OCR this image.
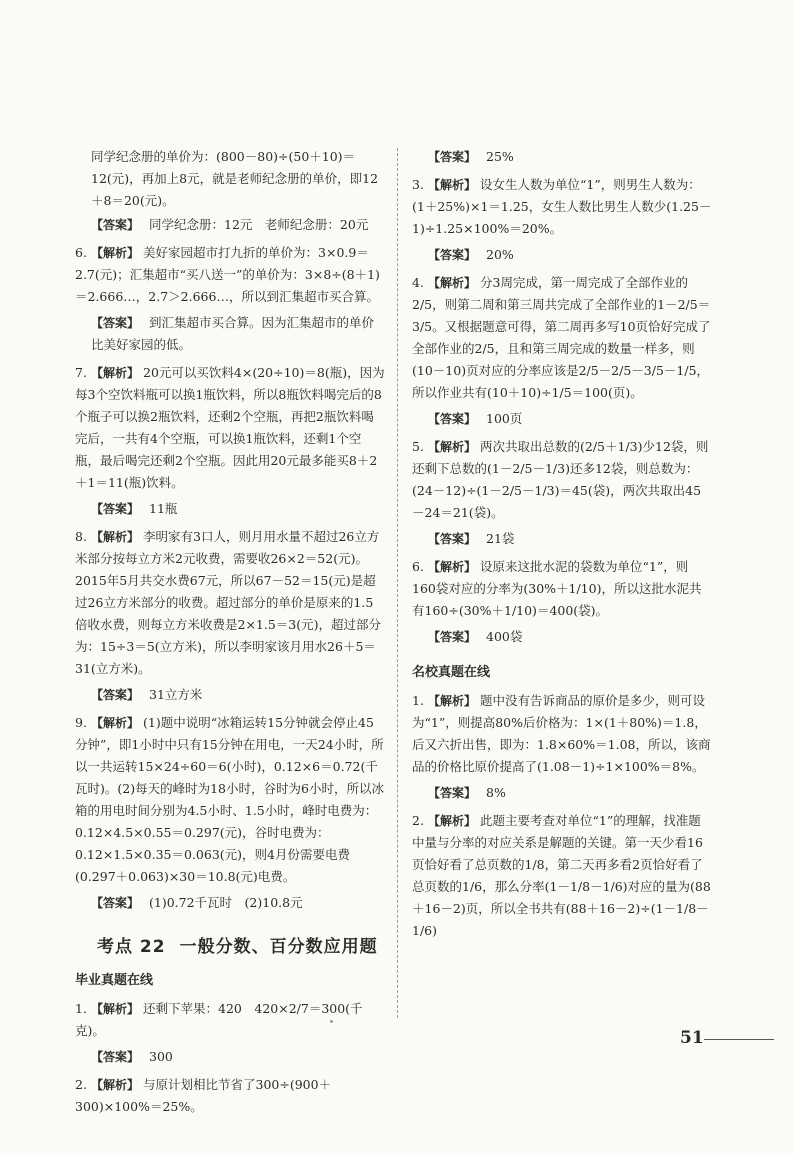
同学纪念册的单价为：(800－80)÷(50＋10)＝12(元)，再加上8元，就是老师纪念册的单价，即12＋8＝20(元)。
【答案】 同学纪念册：12元　老师纪念册：20元
6. 【解析】 美好家园超市打九折的单价为：3×0.9＝2.7(元)；汇集超市“买八送一”的单价为：3×8÷(8＋1)＝2.666…，2.7＞2.666…，所以到汇集超市买合算。
【答案】 到汇集超市买合算。因为汇集超市的单价比美好家园的低。
7. 【解析】 20元可以买饮料4×(20÷10)＝8(瓶)，因为每3个空饮料瓶可以换1瓶饮料，所以8瓶饮料喝完后的8个瓶子可以换2瓶饮料，还剩2个空瓶，再把2瓶饮料喝完后，一共有4个空瓶，可以换1瓶饮料，还剩1个空瓶，最后喝完还剩2个空瓶。因此用20元最多能买8＋2＋1＝11(瓶)饮料。
【答案】 11瓶
8. 【解析】 李明家有3口人，则月用水量不超过26立方米部分按每立方米2元收费，需要收26×2＝52(元)。2015年5月共交水费67元，所以67－52＝15(元)是超过26立方米部分的收费。超过部分的单价是原来的1.5倍收水费，则每立方米收费是2×1.5＝3(元)，超过部分为：15÷3＝5(立方米)，所以李明家该月用水26＋5＝31(立方米)。
【答案】 31立方米
9. 【解析】 (1)题中说明“冰箱运转15分钟就会停止45分钟”，即1小时中只有15分钟在用电，一天24小时，所以一共运转15×24÷60＝6(小时)，0.12×6＝0.72(千瓦时)。(2)每天的峰时为18小时，谷时为6小时，所以冰箱的用电时间分别为4.5小时、1.5小时，峰时电费为：0.12×4.5×0.55＝0.297(元)，谷时电费为：0.12×1.5×0.35＝0.063(元)，则4月份需要电费(0.297＋0.063)×30＝10.8(元)电费。
【答案】 (1)0.72千瓦时　(2)10.8元
考点 22 一般分数、百分数应用题
毕业真题在线
1. 【解析】 还剩下苹果：420　420×2/7＝300(千克)。
【答案】 300
2. 【解析】 与原计划相比节省了300÷(900＋300)×100%＝25%。
【答案】 25%
3. 【解析】 设女生人数为单位“1”，则男生人数为：(1＋25%)×1＝1.25，女生人数比男生人数少(1.25－1)÷1.25×100%＝20%。
【答案】 20%
4. 【解析】 分3周完成，第一周完成了全部作业的2/5，则第二周和第三周共完成了全部作业的1－2/5＝3/5。又根据题意可得，第二周再多写10页恰好完成了全部作业的2/5，且和第三周完成的数量一样多，则(10－10)页对应的分率应该是2/5－2/5－3/5－1/5，所以作业共有(10＋10)÷1/5＝100(页)。
【答案】 100页
5. 【解析】 两次共取出总数的(2/5＋1/3)少12袋，则还剩下总数的(1－2/5－1/3)还多12袋，则总数为：(24－12)÷(1－2/5－1/3)＝45(袋)，两次共取出45－24＝21(袋)。
【答案】 21袋
6. 【解析】 设原来这批水泥的袋数为单位“1”，则160袋对应的分率为(30%＋1/10)，所以这批水泥共有160÷(30%＋1/10)＝400(袋)。
【答案】 400袋
名校真题在线
1. 【解析】 题中没有告诉商品的原价是多少，则可设为“1”，则提高80%后价格为：1×(1＋80%)＝1.8，后又六折出售，即为：1.8×60%＝1.08，所以，该商品的价格比原价提高了(1.08－1)÷1×100%＝8%。
【答案】 8%
2. 【解析】 此题主要考查对单位“1”的理解，找准题中量与分率的对应关系是解题的关键。第一天少看16页恰好看了总页数的1/8，第二天再多看2页恰好看了总页数的1/6，那么分率(1－1/8－1/6)对应的量为(88＋16－2)页，所以全书共有(88＋16－2)÷(1－1/8－1/6)
51
